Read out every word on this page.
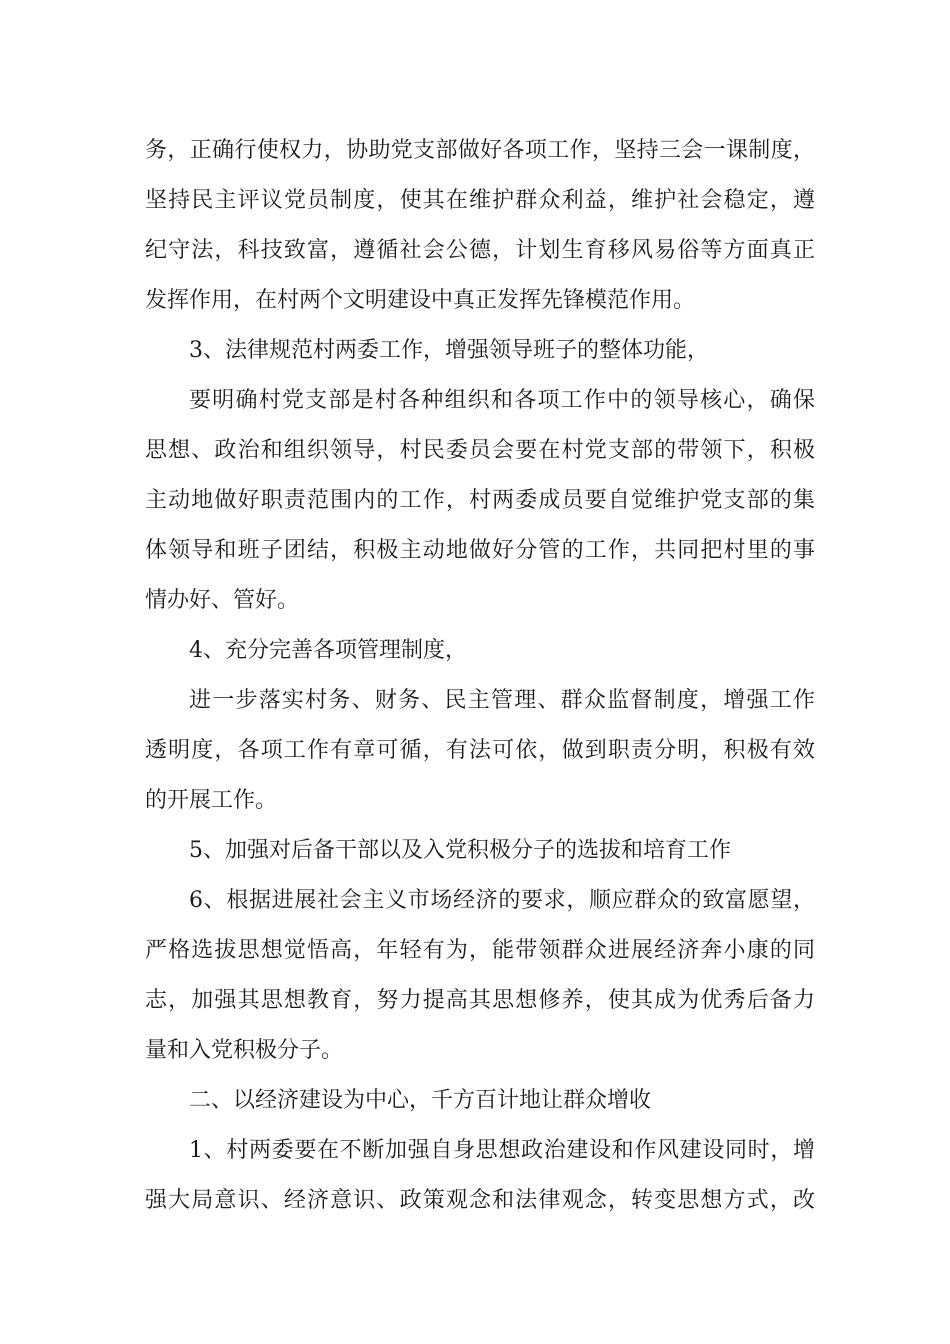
务，正确行使权力，协助党支部做好各项工作，坚持三会一课制度，
坚持民主评议党员制度，使其在维护群众利益，维护社会稳定，遵
纪守法，科技致富，遵循社会公德，计划生育移风易俗等方面真正
发挥作用，在村两个文明建设中真正发挥先锋模范作用。
3、法律规范村两委工作，增强领导班子的整体功能，
要明确村党支部是村各种组织和各项工作中的领导核心，确保
思想、政治和组织领导，村民委员会要在村党支部的带领下，积极
主动地做好职责范围内的工作，村两委成员要自觉维护党支部的集
体领导和班子团结，积极主动地做好分管的工作，共同把村里的事
情办好、管好。
4、充分完善各项管理制度，
进一步落实村务、财务、民主管理、群众监督制度，增强工作
透明度，各项工作有章可循，有法可依，做到职责分明，积极有效
的开展工作。
5、加强对后备干部以及入党积极分子的选拔和培育工作
6、根据进展社会主义市场经济的要求，顺应群众的致富愿望，
严格选拔思想觉悟高，年轻有为，能带领群众进展经济奔小康的同
志，加强其思想教育，努力提高其思想修养，使其成为优秀后备力
量和入党积极分子。
二、以经济建设为中心，千方百计地让群众增收
1、村两委要在不断加强自身思想政治建设和作风建设同时，增
强大局意识、经济意识、政策观念和法律观念，转变思想方式，改
